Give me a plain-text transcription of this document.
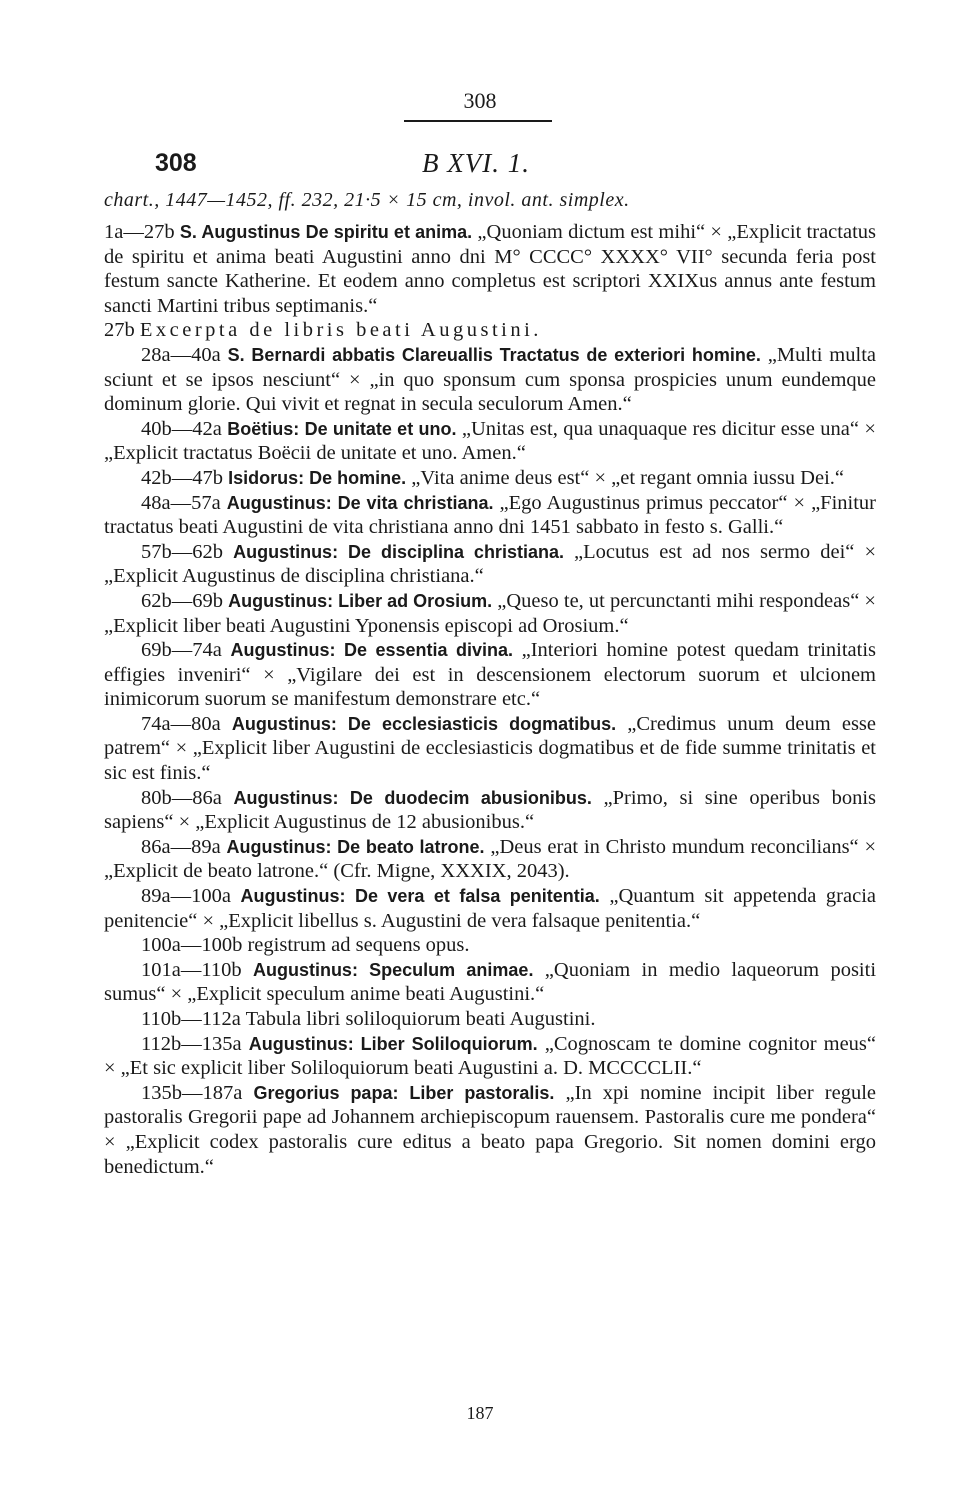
308
308	B XVI. 1.
chart., 1447—1452, ff. 232, 21·5 × 15 cm, invol. ant. simplex.

1a—27b S. Augustinus De spiritu et anima. „Quoniam dictum est mihi“ × „Explicit tractatus de spiritu et anima beati Augustini anno dni M° CCCC° XXXX° VII° secunda feria post festum sancte Katherine. Et eodem anno completus est scriptori XXIXus annus ante festum sancti Martini tribus septimanis.“

27b Excerpta de libris beati Augustini.

28a—40a S. Bernardi abbatis Clareuallis Tractatus de exteriori homine. „Multi multa sciunt et se ipsos nesciunt“ × „in quo sponsum cum sponsa prospicies unum eundemque dominum glorie. Qui vivit et regnat in secula seculorum Amen.“

40b—42a Boëtius: De unitate et uno. „Unitas est, qua unaquaque res dicitur esse una“ × „Explicit tractatus Boëcii de unitate et uno. Amen.“

42b—47b Isidorus: De homine. „Vita anime deus est“ × „et regant omnia iussu Dei.“

48a—57a Augustinus: De vita christiana. „Ego Augustinus primus peccator“ × „Finitur tractatus beati Augustini de vita christiana anno dni 1451 sabbato in festo s. Galli.“

57b—62b Augustinus: De disciplina christiana. „Locutus est ad nos sermo dei“ × „Explicit Augustinus de disciplina christiana.“

62b—69b Augustinus: Liber ad Orosium. „Queso te, ut percunctanti mihi respondeas“ × „Explicit liber beati Augustini Yponensis episcopi ad Orosium.“

69b—74a Augustinus: De essentia divina. „Interiori homine potest quedam trinitatis effigies inveniri“ × „Vigilare dei est in descensionem electorum suorum et ulcionem inimicorum suorum se manifestum demonstrare etc.“

74a—80a Augustinus: De ecclesiasticis dogmatibus. „Credimus unum deum esse patrem“ × „Explicit liber Augustini de ecclesiasticis dogmatibus et de fide summe trinitatis et sic est finis.“

80b—86a Augustinus: De duodecim abusionibus. „Primo, si sine operibus bonis sapiens“ × „Explicit Augustinus de 12 abusionibus.“

86a—89a Augustinus: De beato latrone. „Deus erat in Christo mundum reconcilians“ × „Explicit de beato latrone.“ (Cfr. Migne, XXXIX, 2043).

89a—100a Augustinus: De vera et falsa penitentia. „Quantum sit appetenda gracia penitencie“ × „Explicit libellus s. Augustini de vera falsaque penitentia.“

100a—100b registrum ad sequens opus.

101a—110b Augustinus: Speculum animae. „Quoniam in medio laqueorum positi sumus“ × „Explicit speculum anime beati Augustini.“

110b—112a Tabula libri soliloquiorum beati Augustini.

112b—135a Augustinus: Liber Soliloquiorum. „Cognoscam te domine cognitor meus“ × „Et sic explicit liber Soliloquiorum beati Augustini a. D. MCCCCLII.“

135b—187a Gregorius papa: Liber pastoralis. „In xpi nomine incipit liber regule pastoralis Gregorii pape ad Johannem archiepiscopum rauensem. Pastoralis cure me pondera“ × „Explicit codex pastoralis cure editus a beato papa Gregorio. Sit nomen domini ergo benedictum.“

187
